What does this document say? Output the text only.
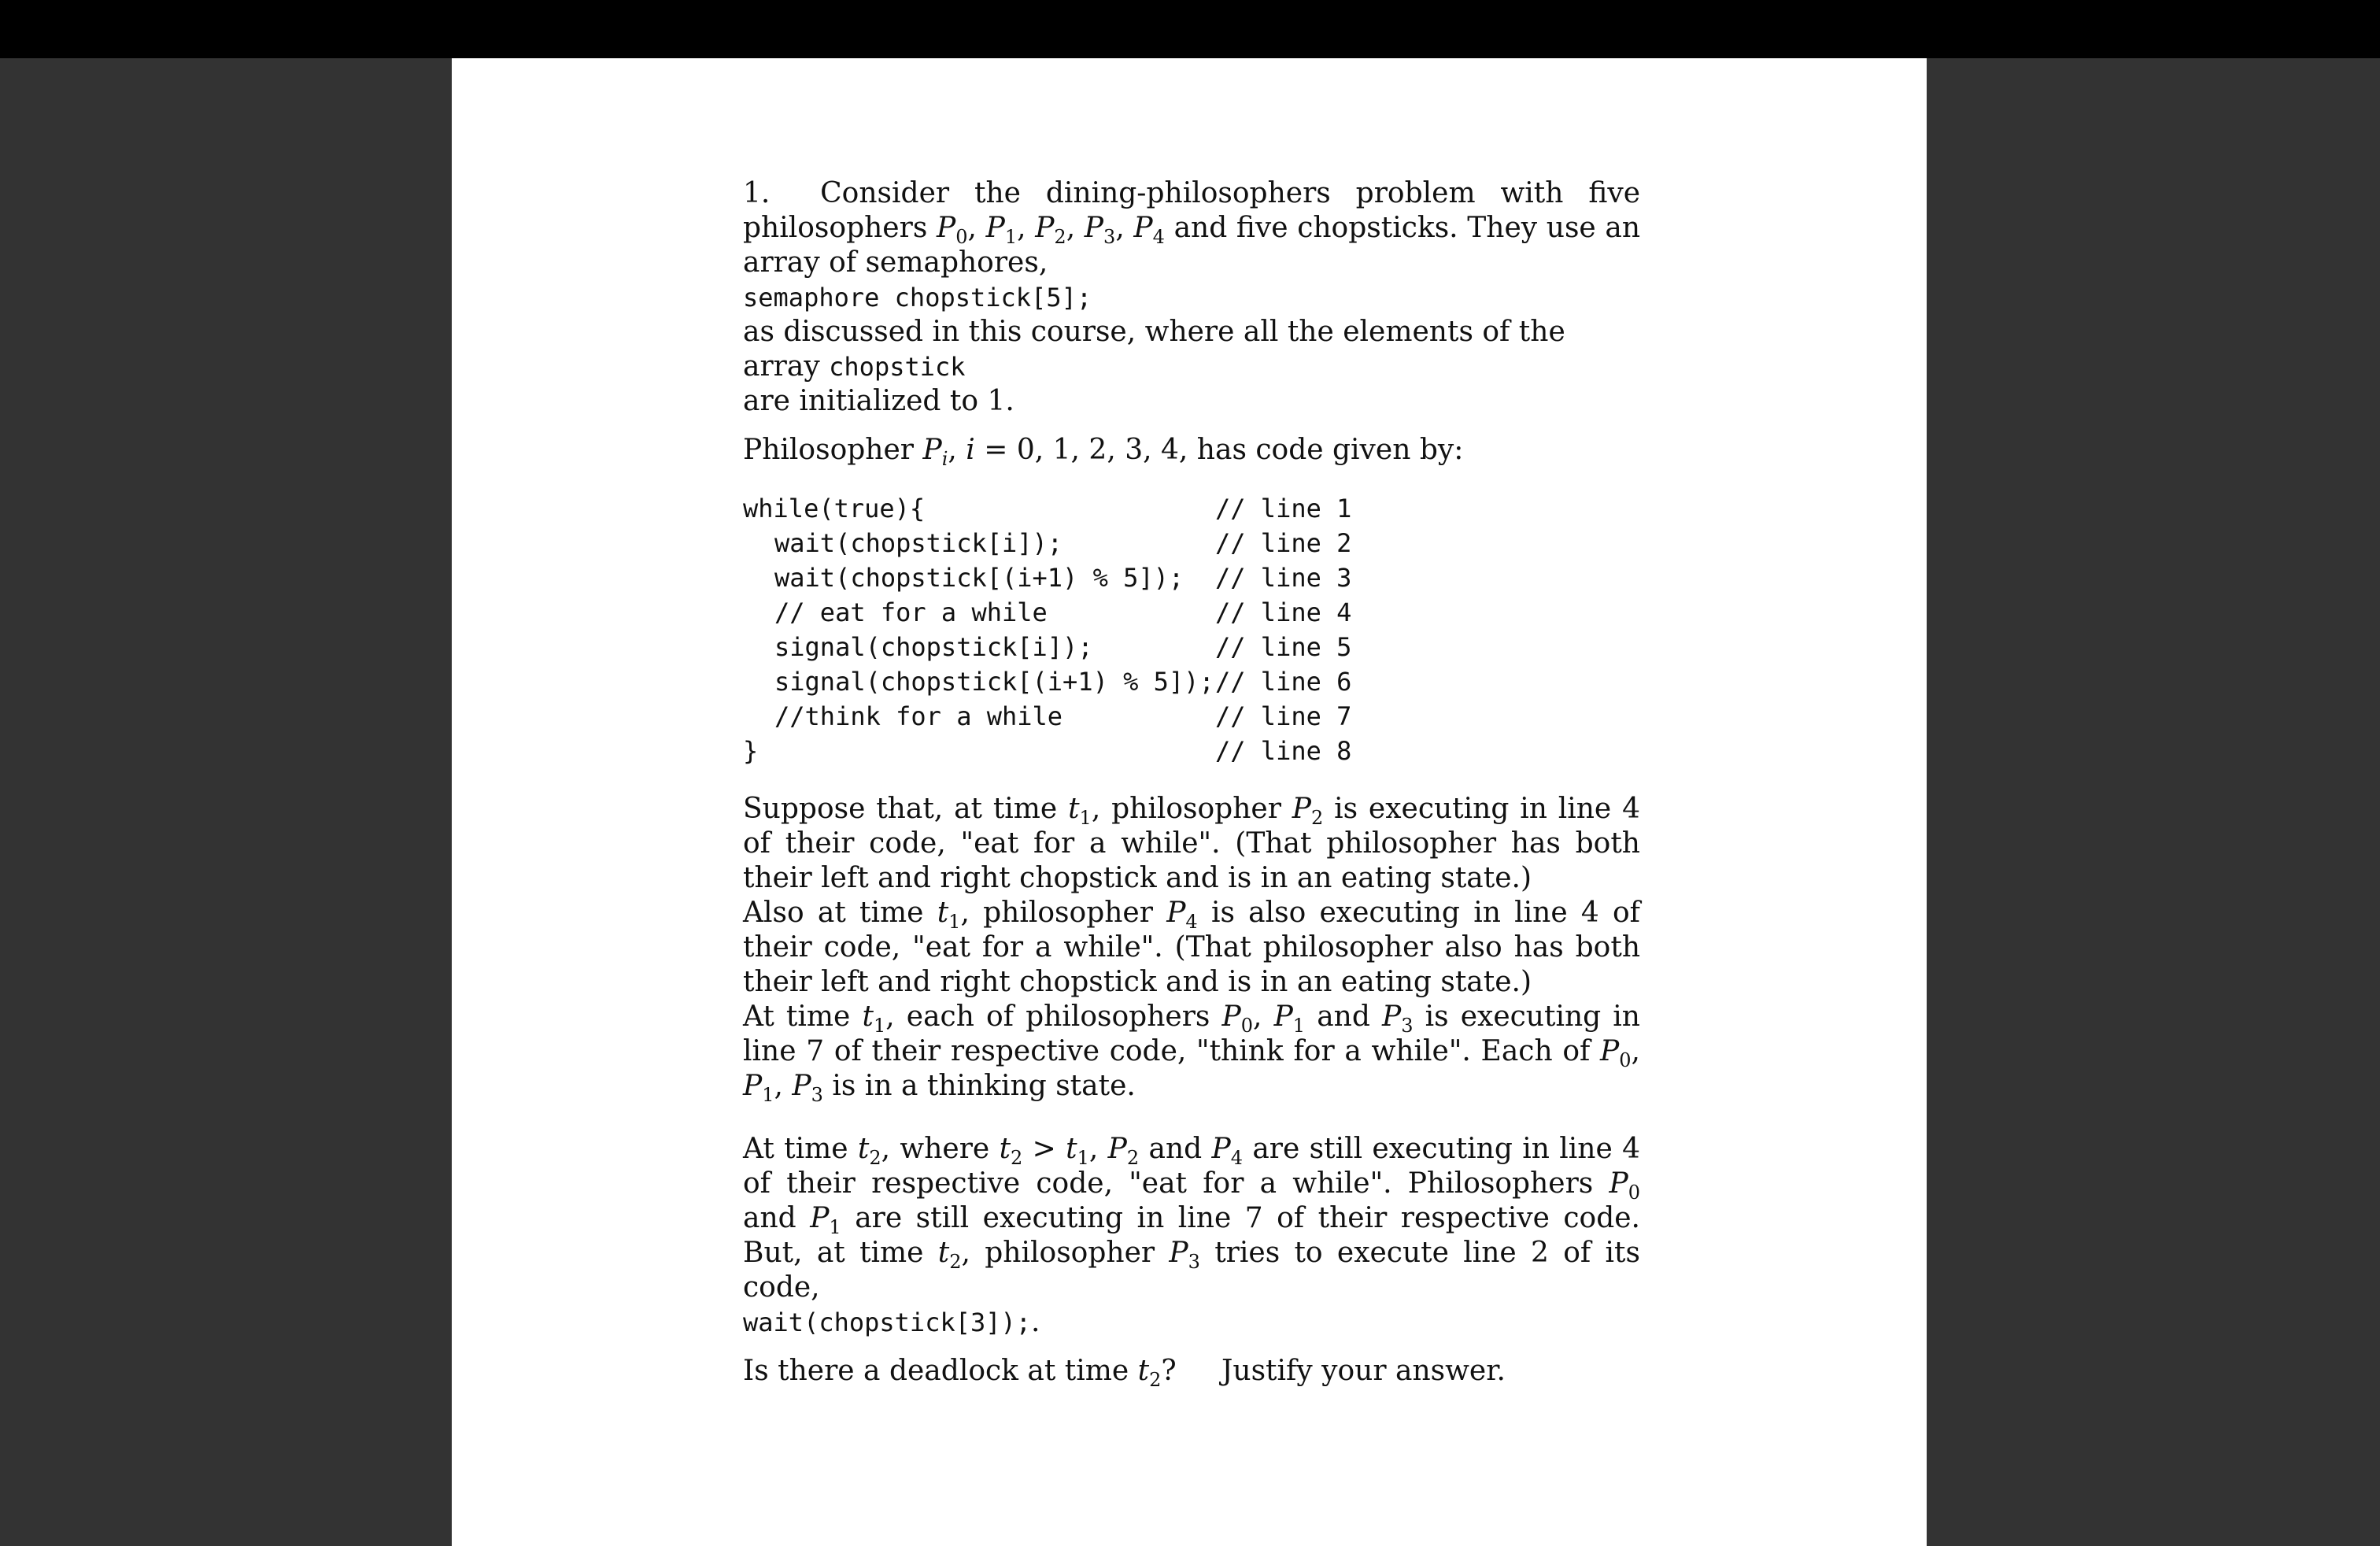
1. Consider the dining-philosophers problem with five philosophers $P_0$, $P_1$, $P_2$, $P_3$, $P_4$ and five chopsticks. They use an array of semaphores,

semaphore chopstick[5];

as discussed in this course, where all the elements of the array chopstick

are initialized to 1.

Philosopher $P_i$, i = 0, 1, 2, 3, 4, has code given by:

while(true){	// line 1
wait(chopstick[i]);	// line 2
wait(chopstick[(i+1) % 5]); // line 3
// eat for a while	// line 4
signal(chopstick[i]);	// line 5
signal(chopstick[(i+1) % 5]); // line 6
//think for a while	// line 7
}	// line 8

Suppose that, at time $t_1$, philosopher $P_2$ is executing in line 4 of their code, "eat for a while". (That philosopher has both their left and right chopstick and is in an eating state.)

Also at time $t_1$, philosopher $P_4$ is also executing in line 4 of their code, "eat for a while". (That philosopher also has both their left and right chopstick and is in an eating state.)

At time $t_1$, each of philosophers $P_0$, $P_1$ and $P_3$ is executing in line 7 of their respective code, "think for a while". Each of $P_0$, $P_1$, $P_3$ is in a thinking state.

At time $t_2$, where $t_2 > t_1$, $P_2$ and $P_4$ are still executing in line 4 of their respective code, "eat for a while". Philosophers $P_0$ and $P_1$ are still executing in line 7 of their respective code. But, at time $t_2$, philosopher $P_3$ tries to execute line 2 of its code,

wait(chopstick[3]);.

Is there a deadlock at time $t_2$?     Justify your answer.
